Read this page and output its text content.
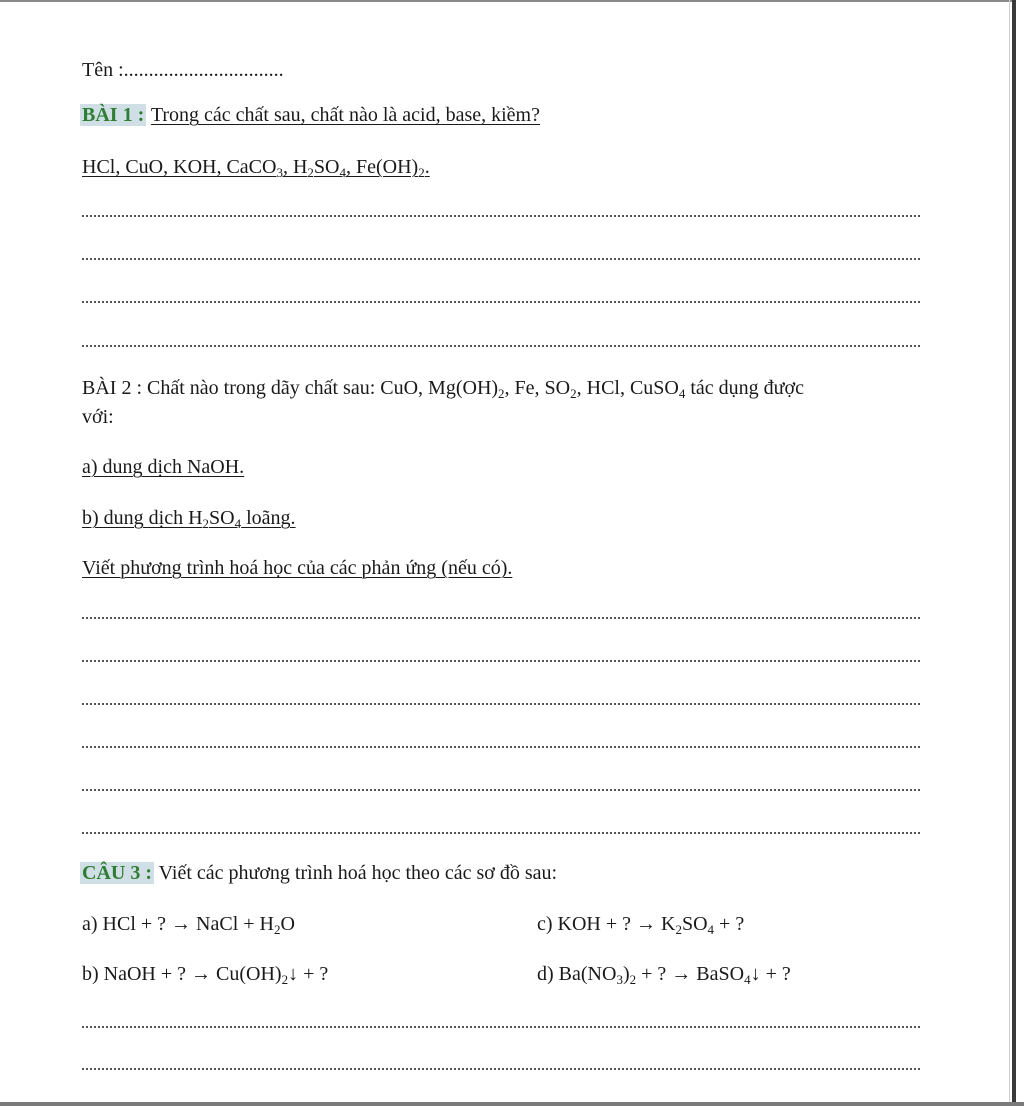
Tên :................................
BÀI 1 : Trong các chất sau, chất nào là acid, base, kiềm?
HCl, CuO, KOH, CaCO$_3$, $H_2SO_4$, $Fe(OH)_2$.
BÀI 2 : Chất nào trong dãy chất sau: CuO, $Mg(OH)_2$, Fe, $SO_2$, HCl, CuSO$_4$ tác dụng được
với:
a) dung dịch NaOH.
b) dung dịch $H_2SO_4$ loãng.
Viết phương trình hoá học của các phản ứng (nếu có).
CÂU 3 : Viết các phương trình hoá học theo các sơ đồ sau:
a) HCl + ? → NaCl + $H_2O$	c) KOH + ? → $K_2SO_4$ + ?
b) NaOH + ? → $Cu(OH)_2↓$ + ?	d) $Ba(NO_3)_2$ + ? → BaSO$_4$↓ + ?
